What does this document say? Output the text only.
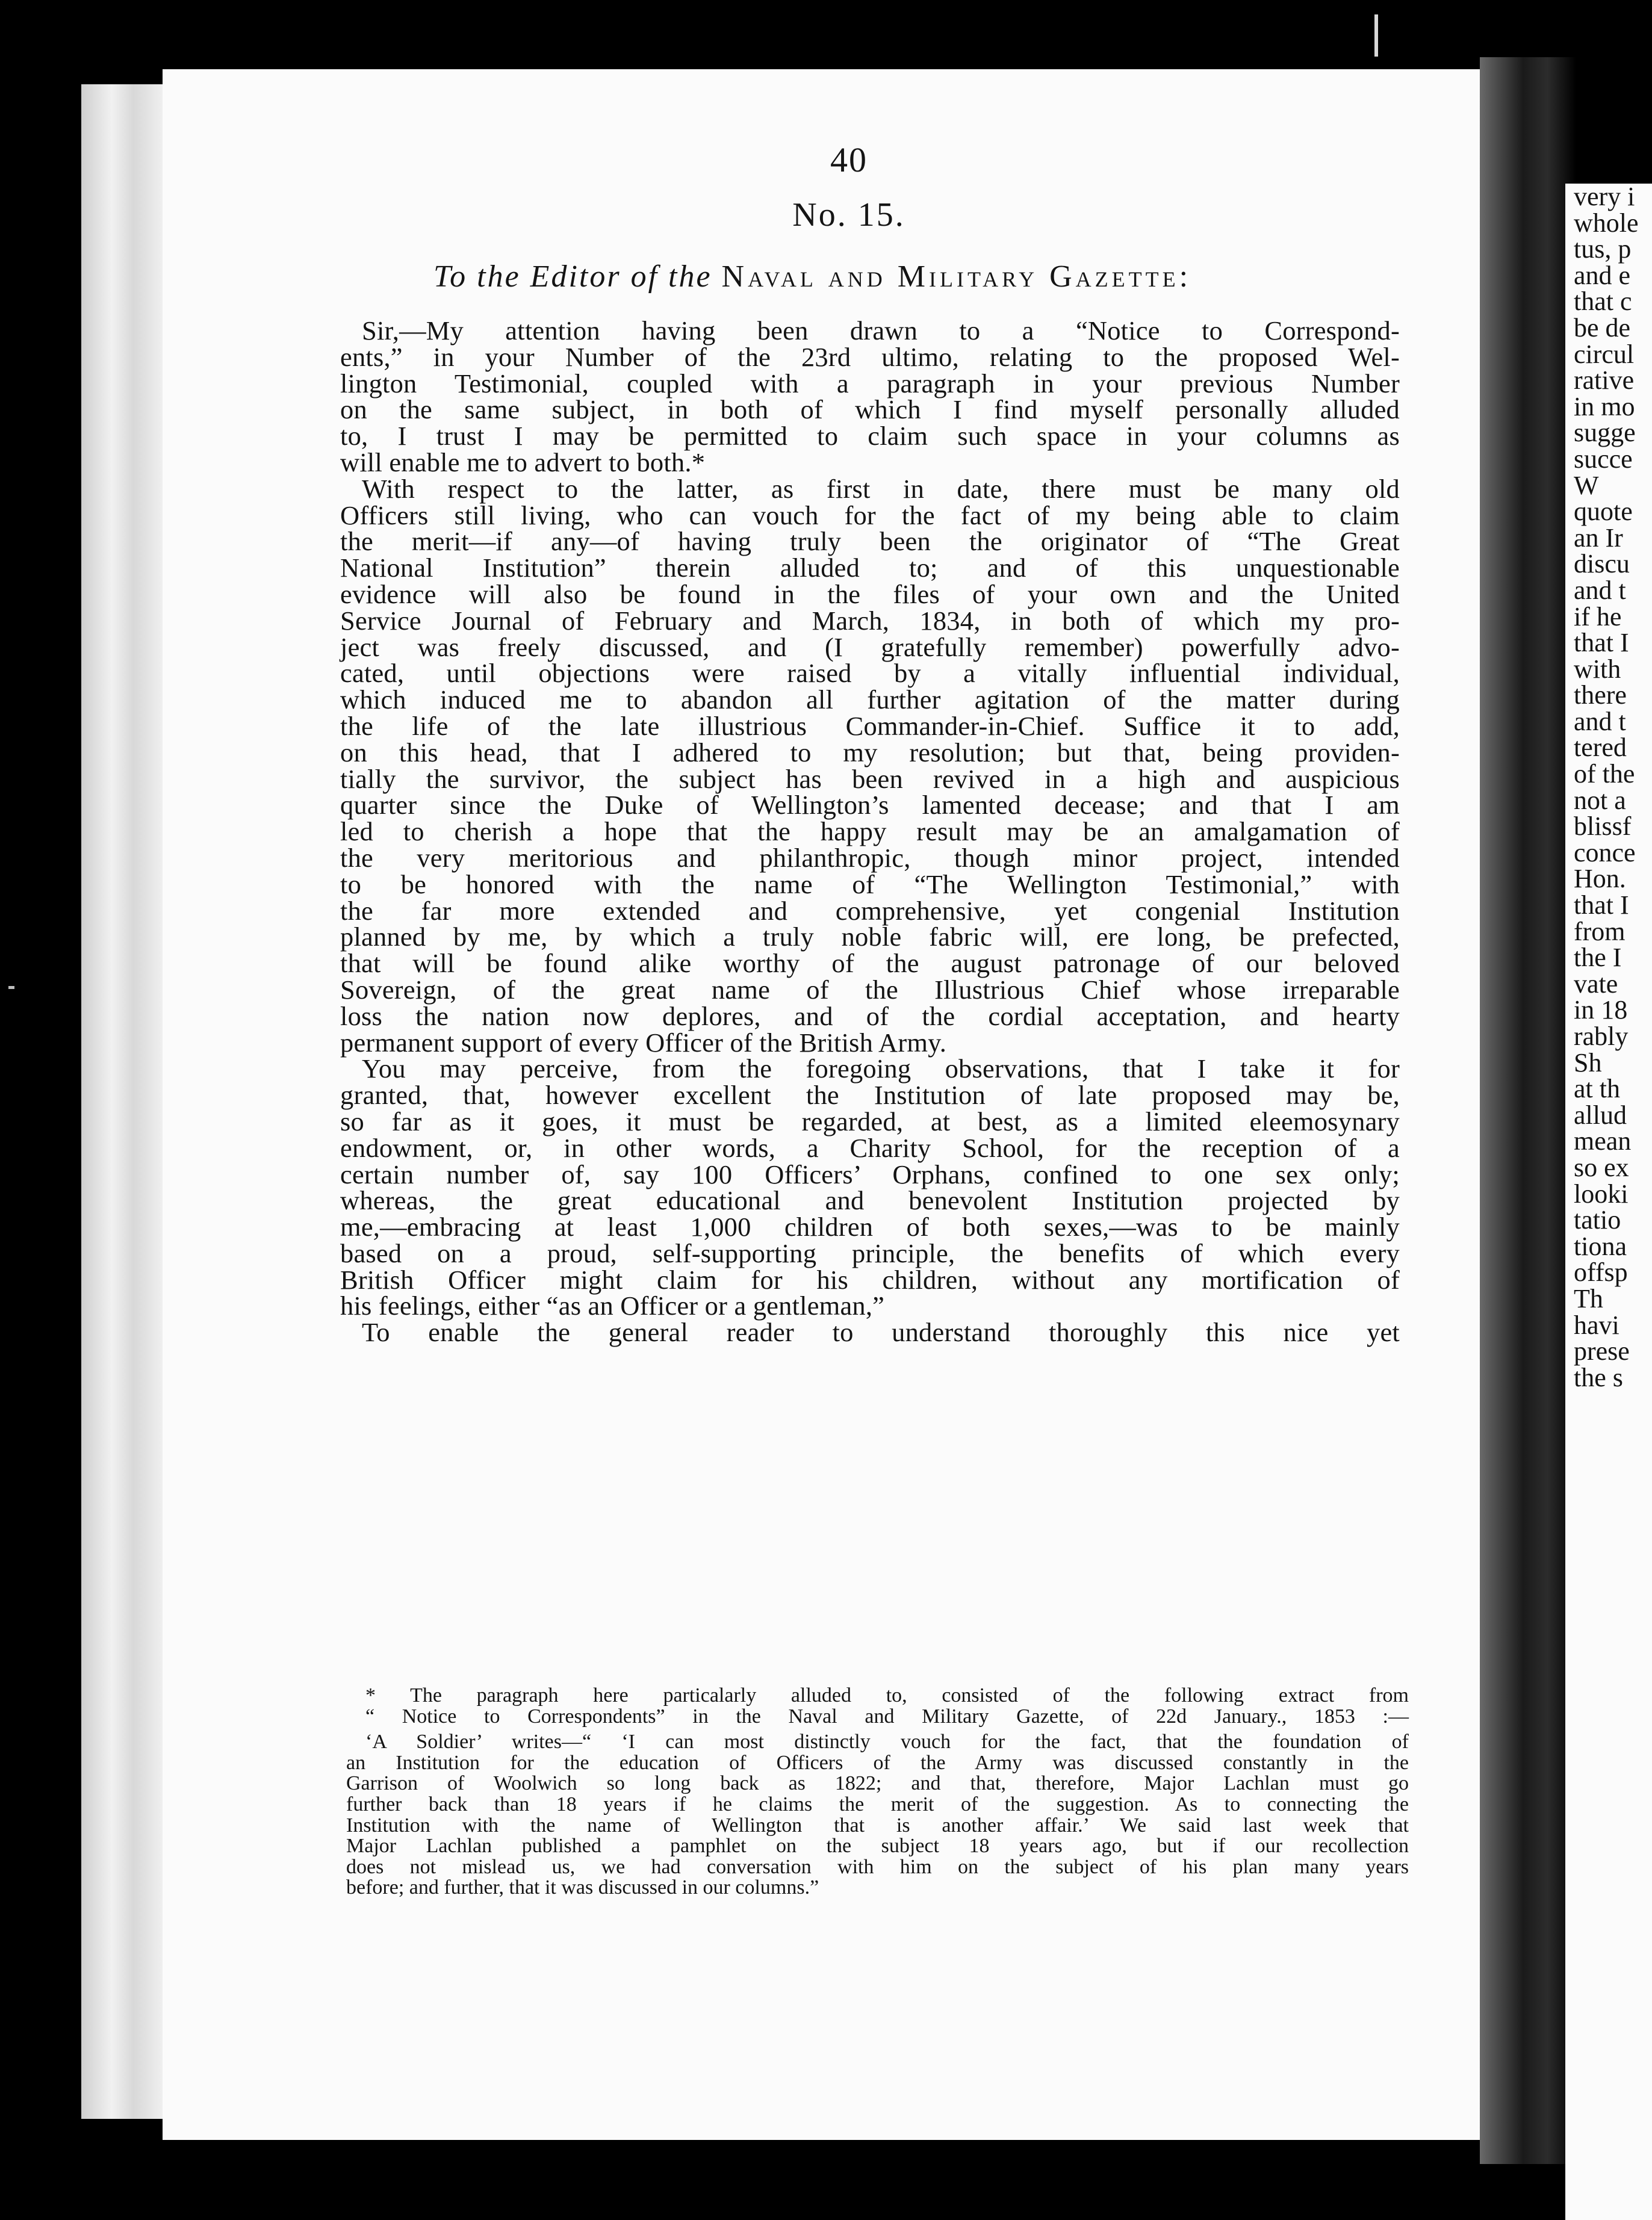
40
No. 15.
To the Editor of the Naval and Military Gazette:
Sir,—My attention having been drawn to a “Notice to Correspond-
ents,” in your Number of the 23rd ultimo, relating to the proposed Wel-
lington Testimonial, coupled with a paragraph in your previous Number
on the same subject, in both of which I find myself personally alluded
to, I trust I may be permitted to claim such space in your columns as
will enable me to advert to both.*
With respect to the latter, as first in date, there must be many old
Officers still living, who can vouch for the fact of my being able to claim
the merit—if any—of having truly been the originator of “The Great
National Institution” therein alluded to; and of this unquestionable
evidence will also be found in the files of your own and the United
Service Journal of February and March, 1834, in both of which my pro-
ject was freely discussed, and (I gratefully remember) powerfully advo-
cated, until objections were raised by a vitally influential individual,
which induced me to abandon all further agitation of the matter during
the life of the late illustrious Commander-in-Chief. Suffice it to add,
on this head, that I adhered to my resolution; but that, being providen-
tially the survivor, the subject has been revived in a high and auspicious
quarter since the Duke of Wellington’s lamented decease; and that I am
led to cherish a hope that the happy result may be an amalgamation of
the very meritorious and philanthropic, though minor project, intended
to be honored with the name of “The Wellington Testimonial,” with
the far more extended and comprehensive, yet congenial Institution
planned by me, by which a truly noble fabric will, ere long, be prefected,
that will be found alike worthy of the august patronage of our beloved
Sovereign, of the great name of the Illustrious Chief whose irreparable
loss the nation now deplores, and of the cordial acceptation, and hearty
permanent support of every Officer of the British Army.
You may perceive, from the foregoing observations, that I take it for
granted, that, however excellent the Institution of late proposed may be,
so far as it goes, it must be regarded, at best, as a limited eleemosynary
endowment, or, in other words, a Charity School, for the reception of a
certain number of, say 100 Officers’ Orphans, confined to one sex only;
whereas, the great educational and benevolent Institution projected by
me,—embracing at least 1,000 children of both sexes,—was to be mainly
based on a proud, self-supporting principle, the benefits of which every
British Officer might claim for his children, without any mortification of
his feelings, either “as an Officer or a gentleman,”
To enable the general reader to understand thoroughly this nice yet
* The paragraph here particalarly alluded to, consisted of the following extract from
“ Notice to Correspondents” in the Naval and Military Gazette, of 22d January., 1853 :—
‘A Soldier’ writes—“ ‘I can most distinctly vouch for the fact, that the foundation of
an Institution for the education of Officers of the Army was discussed constantly in the
Garrison of Woolwich so long back as 1822; and that, therefore, Major Lachlan must go
further back than 18 years if he claims the merit of the suggestion. As to connecting the
Institution with the name of Wellington that is another affair.’ We said last week that
Major Lachlan published a pamphlet on the subject 18 years ago, but if our recollection
does not mislead us, we had conversation with him on the subject of his plan many years
before; and further, that it was discussed in our columns.”
very i
whole
tus, p
and e
that c
be de
circul
rative
in mo
sugge
succe
W
quote
an Ir
discu
and t
if he
that I
with
there
and t
tered
of the
not a
blissf
conce
Hon.
that I
from
the I
vate
in 18
rably
Sh
at th
allud
mean
so ex
looki
tatio
tiona
offsp
Th
havi
prese
the s
